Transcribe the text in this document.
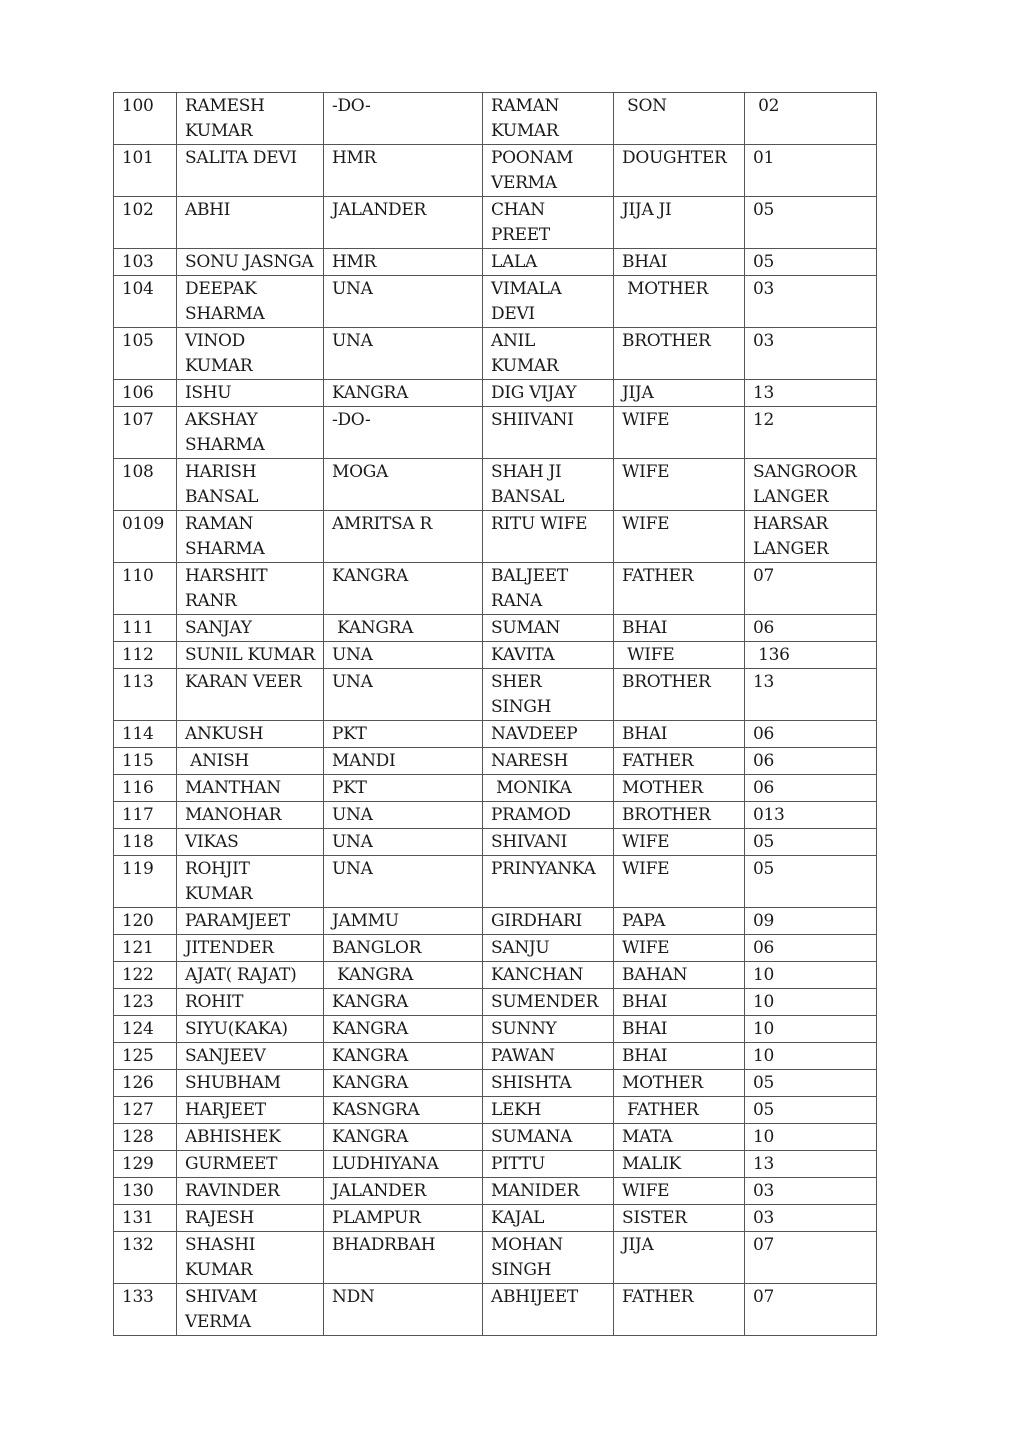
100	RAMESH KUMAR	-DO-	RAMAN KUMAR	SON	02
101	SALITA DEVI	HMR	POONAM VERMA	DOUGHTER	01
102	ABHI	JALANDER	CHAN PREET	JIJA JI	05
103	SONU JASNGA	HMR	LALA	BHAI	05
104	DEEPAK SHARMA	UNA	VIMALA DEVI	MOTHER	03
105	VINOD KUMAR	UNA	ANIL KUMAR	BROTHER	03
106	ISHU	KANGRA	DIG VIJAY	JIJA	13
107	AKSHAY SHARMA	-DO-	SHIIVANI	WIFE	12
108	HARISH BANSAL	MOGA	SHAH JI BANSAL	WIFE	SANGROOR LANGER
0109	RAMAN SHARMA	AMRITSA R	RITU WIFE	WIFE	HARSAR LANGER
110	HARSHIT RANR	KANGRA	BALJEET RANA	FATHER	07
111	SANJAY	KANGRA	SUMAN	BHAI	06
112	SUNIL KUMAR	UNA	KAVITA	WIFE	136
113	KARAN VEER	UNA	SHER SINGH	BROTHER	13
114	ANKUSH	PKT	NAVDEEP	BHAI	06
115	ANISH	MANDI	NARESH	FATHER	06
116	MANTHAN	PKT	MONIKA	MOTHER	06
117	MANOHAR	UNA	PRAMOD	BROTHER	013
118	VIKAS	UNA	SHIVANI	WIFE	05
119	ROHJIT KUMAR	UNA	PRINYANKA	WIFE	05
120	PARAMJEET	JAMMU	GIRDHARI	PAPA	09
121	JITENDER	BANGLOR	SANJU	WIFE	06
122	AJAT( RAJAT)	KANGRA	KANCHAN	BAHAN	10
123	ROHIT	KANGRA	SUMENDER	BHAI	10
124	SIYU(KAKA)	KANGRA	SUNNY	BHAI	10
125	SANJEEV	KANGRA	PAWAN	BHAI	10
126	SHUBHAM	KANGRA	SHISHTA	MOTHER	05
127	HARJEET	KASNGRA	LEKH	FATHER	05
128	ABHISHEK	KANGRA	SUMANA	MATA	10
129	GURMEET	LUDHIYANA	PITTU	MALIK	13
130	RAVINDER	JALANDER	MANIDER	WIFE	03
131	RAJESH	PLAMPUR	KAJAL	SISTER	03
132	SHASHI KUMAR	BHADRBAH	MOHAN SINGH	JIJA	07
133	SHIVAM VERMA	NDN	ABHIJEET	FATHER	07
